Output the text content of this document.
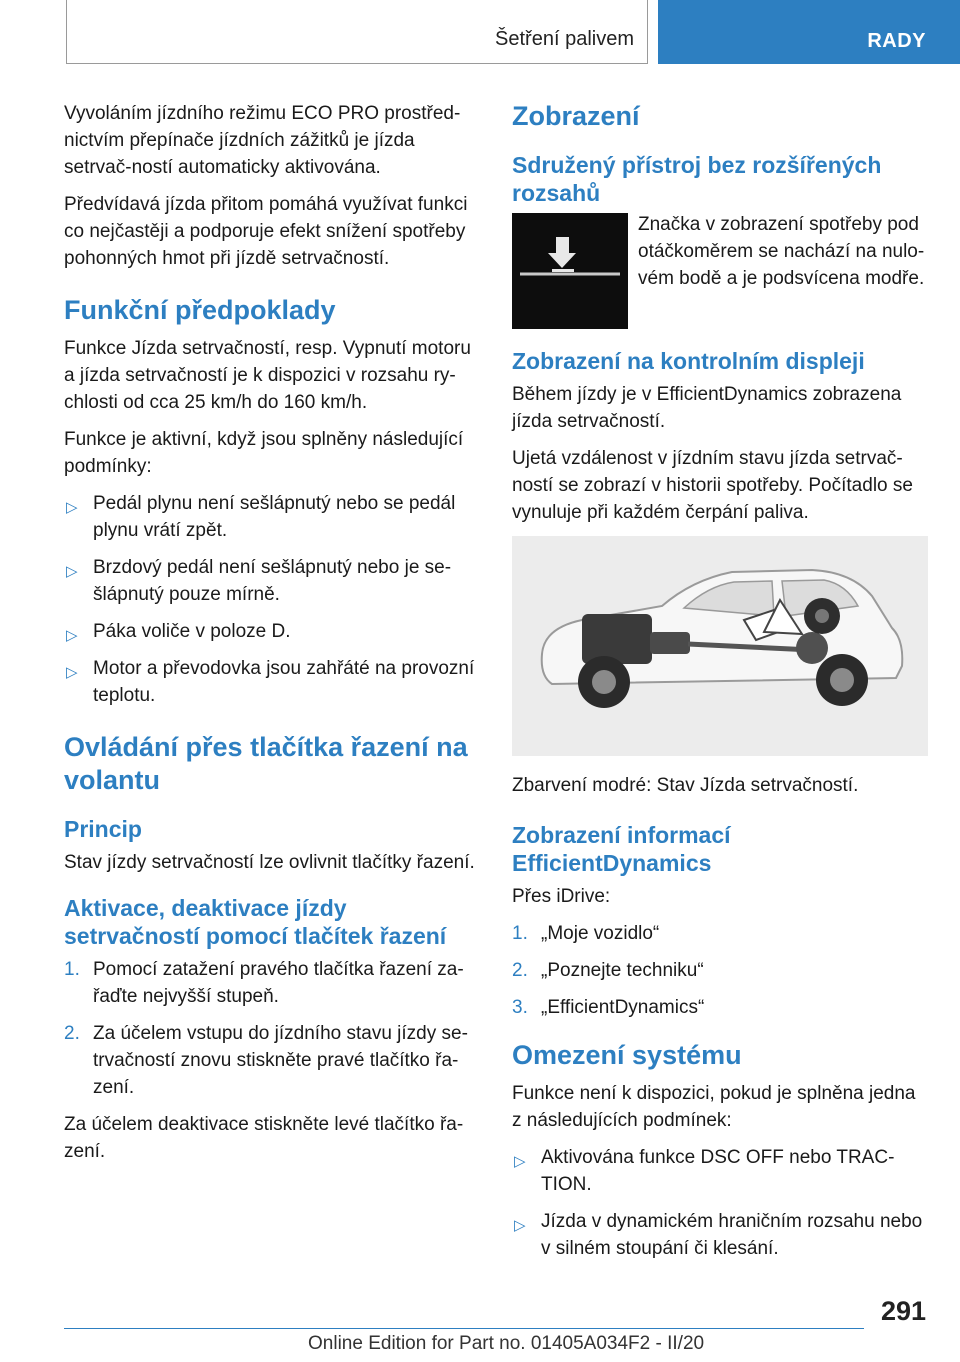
Šetření palivem	RADY

Vyvoláním jízdního režimu ECO PRO prostřed‐nictvím přepínače jízdních zážitků je jízda setrvač‐ností automaticky aktivována.

Předvídavá jízda přitom pomáhá využívat funkci co nejčastěji a podporuje efekt snížení spotřeby pohonných hmot při jízdě setrvačností.

Funkční předpoklady

Funkce Jízda setrvačností, resp. Vypnutí motoru a jízda setrvačností je k dispozici v rozsahu ry‐chlosti od cca 25 km/h do 160 km/h.

Funkce je aktivní, když jsou splněny následující podmínky:

▷ Pedál plynu není sešlápnutý nebo se pedál plynu vrátí zpět.
▷ Brzdový pedál není sešlápnutý nebo je se‐šlápnutý pouze mírně.
▷ Páka voliče v poloze D.
▷ Motor a převodovka jsou zahřáté na provozní teplotu.
Ovládání přes tlačítka řazení na volantu
Princip

Stav jízdy setrvačností lze ovlivnit tlačítky řazení.

Aktivace, deaktivace jízdy setrvačností pomocí tlačítek řazení
1. Pomocí zatažení pravého tlačítka řazení za‐řaďte nejvyšší stupeň.
2. Za účelem vstupu do jízdního stavu jízdy se‐trvačností znovu stiskněte pravé tlačítko řa‐zení.

Za účelem deaktivace stiskněte levé tlačítko řa‐zení.

Zobrazení
Sdružený přístroj bez rozšířených rozsahů

Značka v zobrazení spotřeby pod otáčkoměrem se nachází na nulo‐vém bodě a je podsvícena modře.

Zobrazení na kontrolním displeji

Během jízdy je v EfficientDynamics zobrazena jízda setrvačností.

Ujetá vzdálenost v jízdním stavu jízda setrvač‐ností se zobrazí v historii spotřeby. Počítadlo se vynuluje při každém čerpání paliva.

Zbarvení modré: Stav Jízda setrvačností.

Zobrazení informací EfficientDynamics

Přes iDrive:

1. „Moje vozidlo“
2. „Poznejte techniku“
3. „EfficientDynamics“
Omezení systému

Funkce není k dispozici, pokud je splněna jedna z následujících podmínek:

▷ Aktivována funkce DSC OFF nebo TRAC‐TION.
▷ Jízda v dynamickém hraničním rozsahu nebo v silném stoupání či klesání.
291
Online Edition for Part no. 01405A034F2 - II/20
